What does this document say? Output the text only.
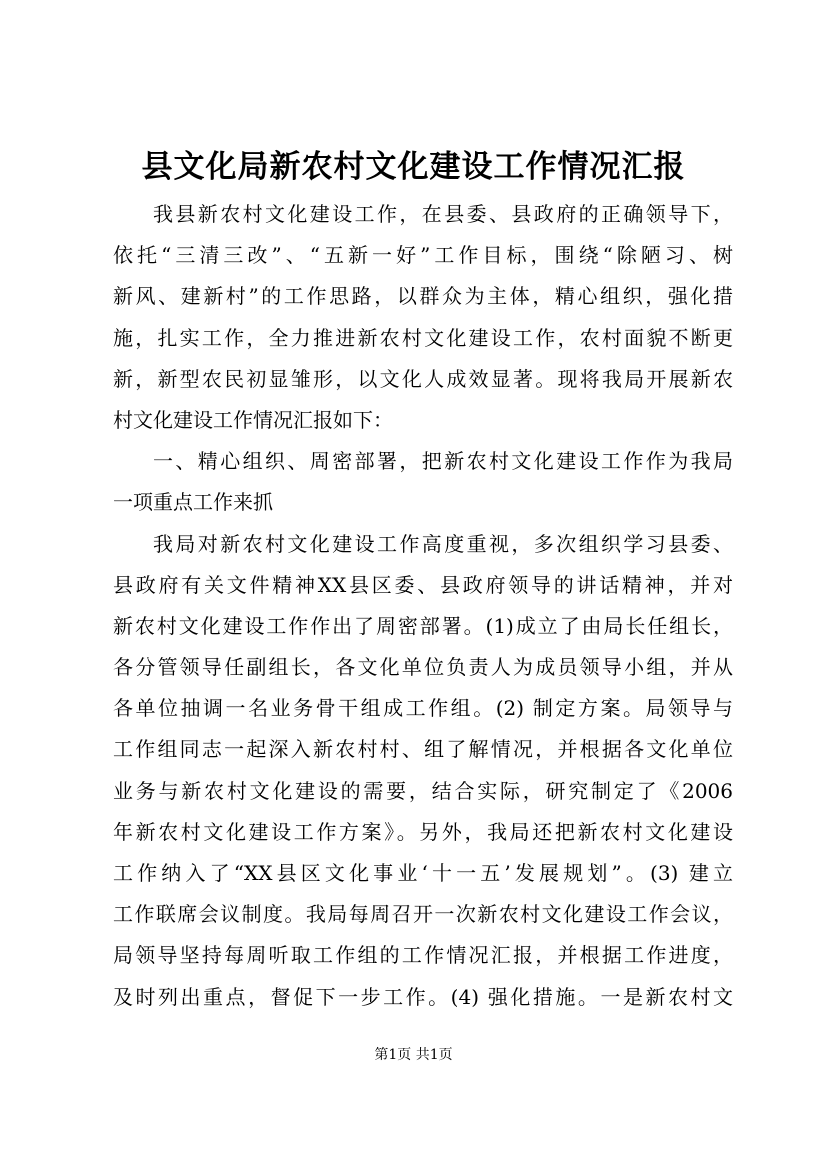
县文化局新农村文化建设工作情况汇报
我县新农村文化建设工作，在县委、县政府的正确领导下，
依托“三清三改”、“五新一好”工作目标，围绕“除陋习、树
新风、建新村”的工作思路，以群众为主体，精心组织，强化措
施，扎实工作，全力推进新农村文化建设工作，农村面貌不断更
新，新型农民初显雏形，以文化人成效显著。现将我局开展新农
村文化建设工作情况汇报如下：
一、精心组织、周密部署，把新农村文化建设工作作为我局
一项重点工作来抓
我局对新农村文化建设工作高度重视，多次组织学习县委、
县政府有关文件精神XX县区委、县政府领导的讲话精神，并对
新农村文化建设工作作出了周密部署。(1)成立了由局长任组长，
各分管领导任副组长，各文化单位负责人为成员领导小组，并从
各单位抽调一名业务骨干组成工作组。(2) 制定方案。局领导与
工作组同志一起深入新农村村、组了解情况，并根据各文化单位
业务与新农村文化建设的需要，结合实际，研究制定了《2006
年新农村文化建设工作方案》。另外，我局还把新农村文化建设
工作纳入了“XX县区文化事业‘十一五’发展规划”。(3) 建立
工作联席会议制度。我局每周召开一次新农村文化建设工作会议，
局领导坚持每周听取工作组的工作情况汇报，并根据工作进度，
及时列出重点，督促下一步工作。(4) 强化措施。一是新农村文
第1页 共1页
